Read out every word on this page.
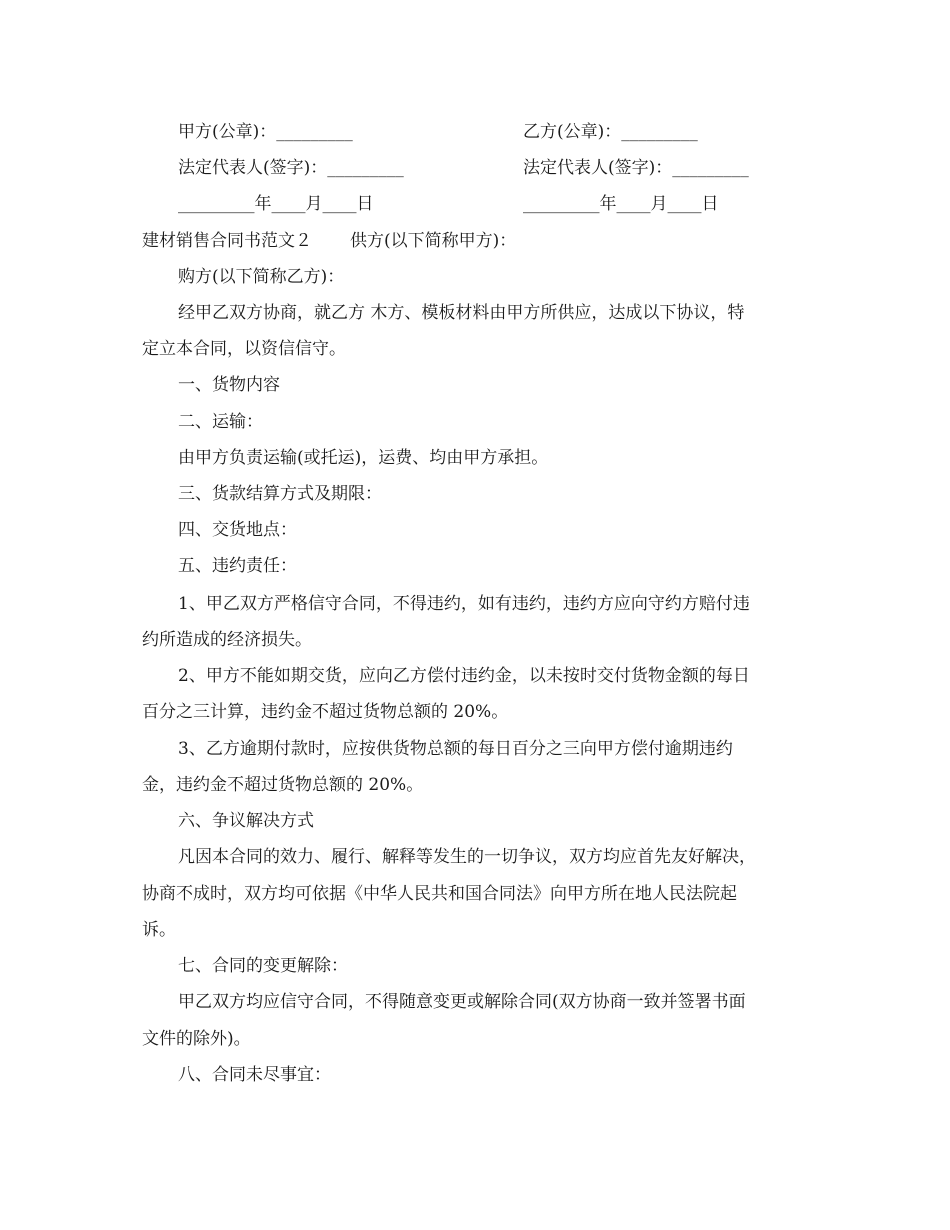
甲方(公章)：_________	乙方(公章)：_________
法定代表人(签字)：_________	法定代表人(签字)：_________
_________年____月____日	_________年____月____日
建材销售合同书范文２ 供方(以下简称甲方)：
购方(以下简称乙方)：
经甲乙双方协商，就乙方 木方、模板材料由甲方所供应，达成以下协议，特
定立本合同，以资信信守。
一、货物内容
二、运输：
由甲方负责运输(或托运)，运费、均由甲方承担。
三、货款结算方式及期限：
四、交货地点：
五、违约责任：
1、甲乙双方严格信守合同，不得违约，如有违约，违约方应向守约方赔付违
约所造成的经济损失。
2、甲方不能如期交货，应向乙方偿付违约金，以未按时交付货物金额的每日
百分之三计算，违约金不超过货物总额的 20%。
3、乙方逾期付款时，应按供货物总额的每日百分之三向甲方偿付逾期违约
金，违约金不超过货物总额的 20%。
六、争议解决方式
凡因本合同的效力、履行、解释等发生的一切争议，双方均应首先友好解决，
协商不成时，双方均可依据《中华人民共和国合同法》向甲方所在地人民法院起
诉。
七、合同的变更解除：
甲乙双方均应信守合同，不得随意变更或解除合同(双方协商一致并签署书面
文件的除外)。
八、合同未尽事宜：
